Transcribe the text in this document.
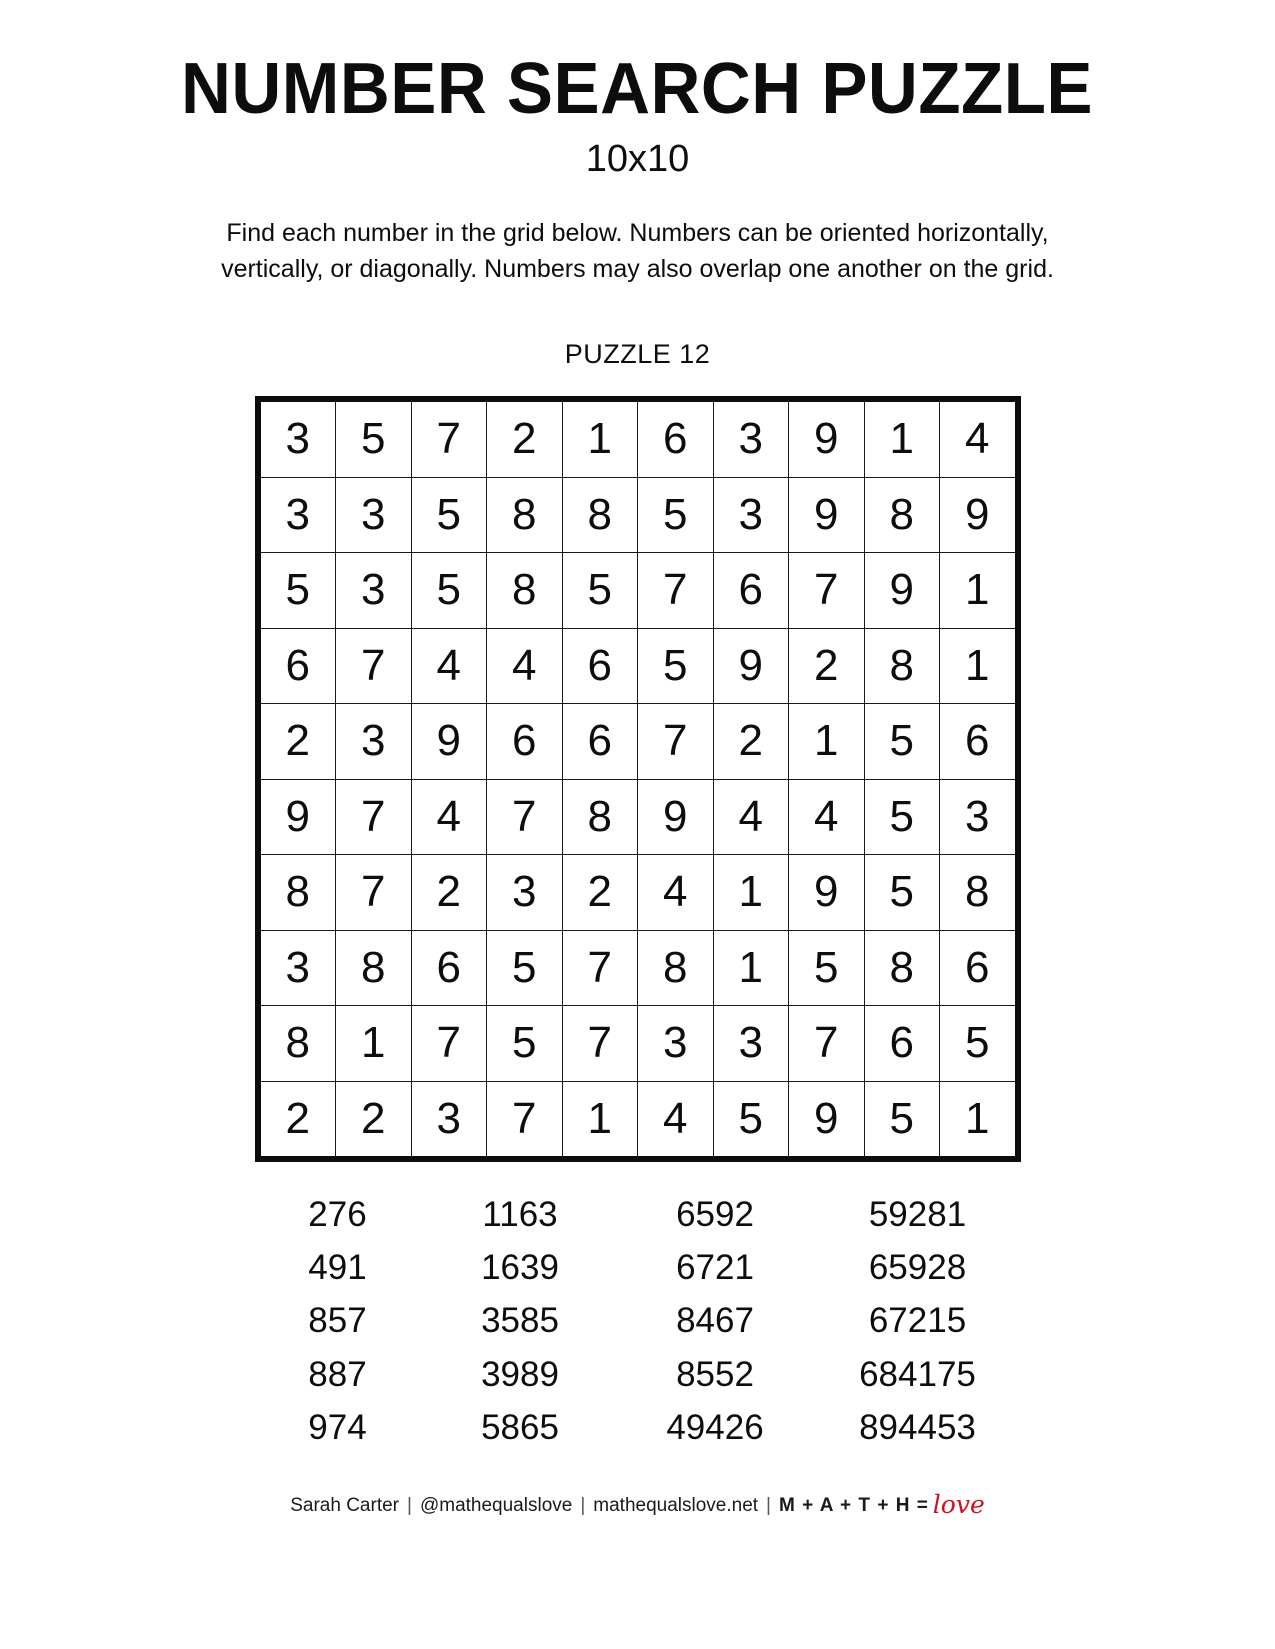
NUMBER SEARCH PUZZLE
10x10
Find each number in the grid below. Numbers can be oriented horizontally, vertically, or diagonally. Numbers may also overlap one another on the grid.
PUZZLE 12
3	5	7	2	1	6	3	9	1	4
3	3	5	8	8	5	3	9	8	9
5	3	5	8	5	7	6	7	9	1
6	7	4	4	6	5	9	2	8	1
2	3	9	6	6	7	2	1	5	6
9	7	4	7	8	9	4	4	5	3
8	7	2	3	2	4	1	9	5	8
3	8	6	5	7	8	1	5	8	6
8	1	7	5	7	3	3	7	6	5
2	2	3	7	1	4	5	9	5	1
276	1163	6592	59281
491	1639	6721	65928
857	3585	8467	67215
887	3989	8552	684175
974	5865	49426	894453
Sarah Carter | @mathequalslove | mathequalslove.net | M + A + T + H = love
